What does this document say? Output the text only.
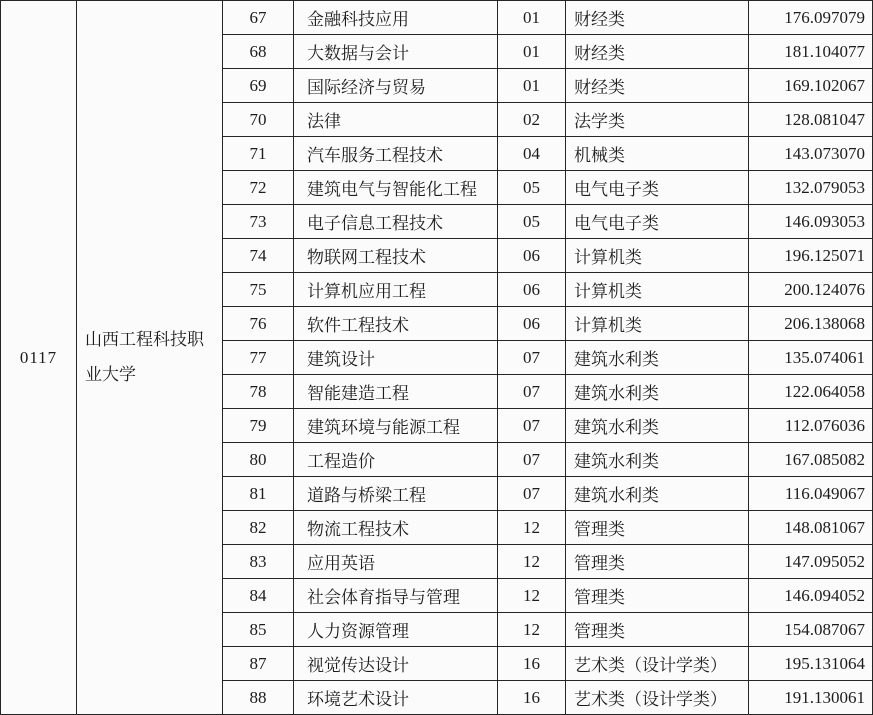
0117	山西工程科技职业大学	67	金融科技应用	01	财经类	176.097079
		68	大数据与会计	01	财经类	181.104077
		69	国际经济与贸易	01	财经类	169.102067
		70	法律	02	法学类	128.081047
		71	汽车服务工程技术	04	机械类	143.073070
		72	建筑电气与智能化工程	05	电气电子类	132.079053
		73	电子信息工程技术	05	电气电子类	146.093053
		74	物联网工程技术	06	计算机类	196.125071
		75	计算机应用工程	06	计算机类	200.124076
		76	软件工程技术	06	计算机类	206.138068
		77	建筑设计	07	建筑水利类	135.074061
		78	智能建造工程	07	建筑水利类	122.064058
		79	建筑环境与能源工程	07	建筑水利类	112.076036
		80	工程造价	07	建筑水利类	167.085082
		81	道路与桥梁工程	07	建筑水利类	116.049067
		82	物流工程技术	12	管理类	148.081067
		83	应用英语	12	管理类	147.095052
		84	社会体育指导与管理	12	管理类	146.094052
		85	人力资源管理	12	管理类	154.087067
		87	视觉传达设计	16	艺术类（设计学类）	195.131064
		88	环境艺术设计	16	艺术类（设计学类）	191.130061
